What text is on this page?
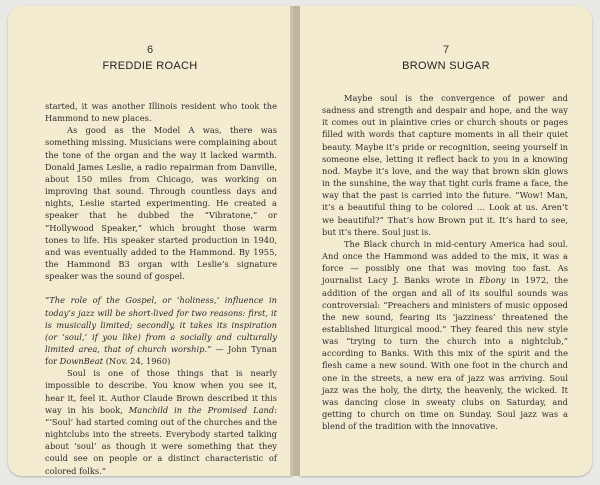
6
FREDDIE ROACH

started, it was another Illinois resident who took the Hammond to new places.

As good as the Model A was, there was something missing. Musicians were complaining about the tone of the organ and the way it lacked warmth. Donald James Leslie, a radio repairman from Danville, about 150 miles from Chicago, was working on improving that sound. Through countless days and nights, Leslie started experimenting. He created a speaker that he dubbed the “Vibratone,” or “Hollywood Speaker,” which brought those warm tones to life. His speaker started production in 1940, and was eventually added to the Hammond. By 1955, the Hammond B3 organ with Leslie’s signature speaker was the sound of gospel.

“The role of the Gospel, or ‘holiness,’ influence in today’s jazz will be short-lived for two reasons: first, it is musically limited; secondly, it takes its inspiration (or ‘soul,’ if you like) from a socially and culturally limited area, that of church worship.” — John Tynan for DownBeat (Nov. 24, 1960)

Soul is one of those things that is nearly impossible to describe. You know when you see it, hear it, feel it. Author Claude Brown described it this way in his book, Manchild in the Promised Land: “‘Soul’ had started coming out of the churches and the nightclubs into the streets. Everybody started talking about ‘soul’ as though it were something that they could see on people or a distinct characteristic of colored folks.”

7
BROWN SUGAR

Maybe soul is the convergence of power and sadness and strength and despair and hope, and the way it comes out in plaintive cries or church shouts or pages filled with words that capture moments in all their quiet beauty. Maybe it’s pride or recognition, seeing yourself in someone else, letting it reflect back to you in a knowing nod. Maybe it’s love, and the way that brown skin glows in the sunshine, the way that tight curls frame a face, the way that the past is carried into the future. “Wow! Man, it’s a beautiful thing to be colored … Look at us. Aren’t we beautiful?” That’s how Brown put it. It’s hard to see, but it’s there. Soul just is.

The Black church in mid-century America had soul. And once the Hammond was added to the mix, it was a force — possibly one that was moving too fast. As journalist Lacy J. Banks wrote in Ebony in 1972, the addition of the organ and all of its soulful sounds was controversial: “Preachers and ministers of music opposed the new sound, fearing its ‘jazziness’ threatened the established liturgical mood.” They feared this new style was “trying to turn the church into a nightclub,” according to Banks. With this mix of the spirit and the flesh came a new sound. With one foot in the church and one in the streets, a new era of jazz was arriving. Soul jazz was the holy, the dirty, the heavenly, the wicked. It was dancing close in sweaty clubs on Saturday, and getting to church on time on Sunday. Soul jazz was a blend of the tradition with the innovative.
